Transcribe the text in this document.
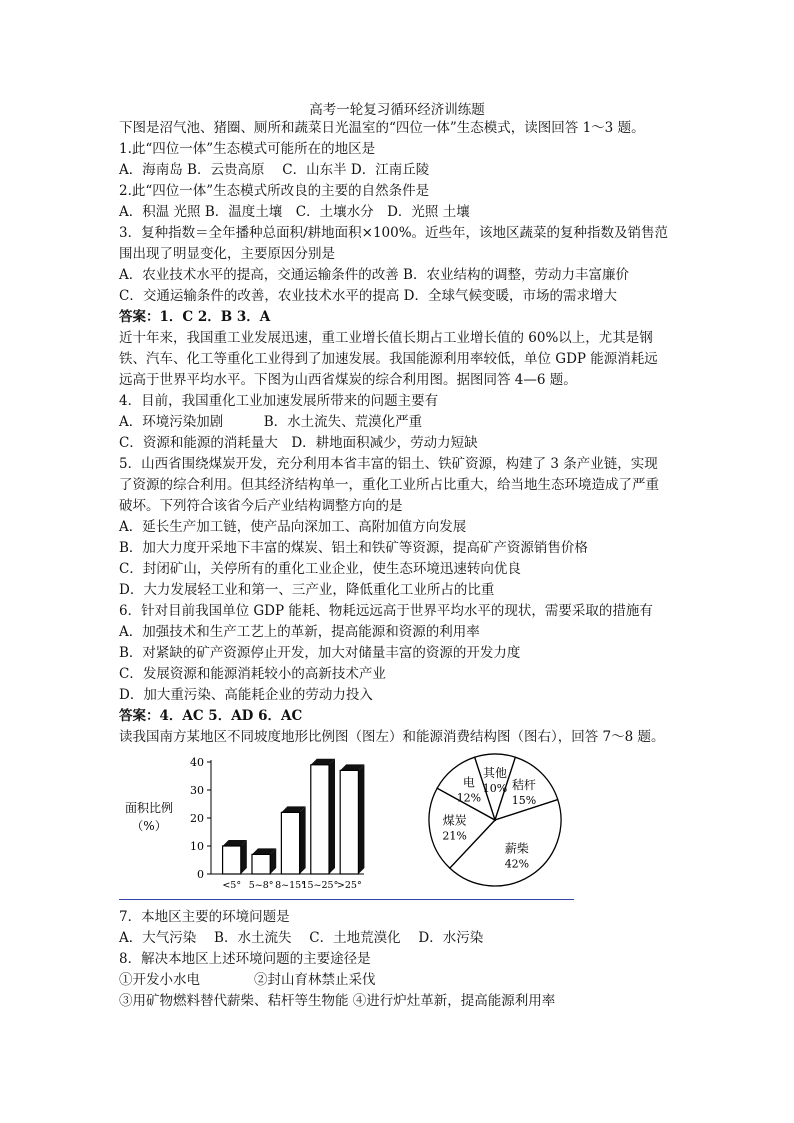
高考一轮复习循环经济训练题

下图是沼气池、猪圈、厕所和蔬菜日光温室的“四位一体”生态模式，读图回答 1～3 题。

1.此“四位一体”生态模式可能所在的地区是

A．海南岛 B．云贵高原　 C．山东半 D．江南丘陵

2.此“四位一体”生态模式所改良的主要的自然条件是

A．积温 光照 B．温度土壤　C．土壤水分　D．光照 土壤

3．复种指数＝全年播种总面积/耕地面积×100%。近些年，该地区蔬菜的复种指数及销售范

围出现了明显变化，主要原因分别是

A．农业技术水平的提高，交通运输条件的改善 B．农业结构的调整，劳动力丰富廉价

C．交通运输条件的改善，农业技术水平的提高 D．全球气候变暖，市场的需求增大

答案：1．C 2．B 3．A

近十年来，我国重工业发展迅速，重工业增长值长期占工业增长值的 60%以上，尤其是钢

铁、汽车、化工等重化工业得到了加速发展。我国能源利用率较低，单位 GDP 能源消耗远

远高于世界平均水平。下图为山西省煤炭的综合利用图。据图同答 4—6 题。

4．目前，我国重化工业加速发展所带来的问题主要有

A．环境污染加剧　　　B．水土流失、荒漠化严重

C．资源和能源的消耗量大　D．耕地面积减少，劳动力短缺

5．山西省围绕煤炭开发，充分利用本省丰富的铝土、铁矿资源，构建了 3 条产业链，实现

了资源的综合利用。但其经济结构单一，重化工业所占比重大，给当地生态环境造成了严重

破坏。下列符合该省今后产业结构调整方向的是

A．延长生产加工链，使产品向深加工、高附加值方向发展

B．加大力度开采地下丰富的煤炭、铝土和铁矿等资源，提高矿产资源销售价格

C．封闭矿山，关停所有的重化工业企业，使生态环境迅速转向优良

D．大力发展轻工业和第一、三产业，降低重化工业所占的比重

6．针对目前我国单位 GDP 能耗、物耗远远高于世界平均水平的现状，需要采取的措施有

A．加强技术和生产工艺上的革新，提高能源和资源的利用率

B．对紧缺的矿产资源停止开发，加大对储量丰富的资源的开发力度

C．发展资源和能源消耗较小的高新技术产业

D．加大重污染、高能耗企业的劳动力投入

答案：4．AC 5．AD 6．AC

读我国南方某地区不同坡度地形比例图（图左）和能源消费结构图（图右），回答 7～8 题。

面积比例
（%）
0
10
20
30
40
<5° 5~8° 8~15°
15~25°
>25°
其他
10% 秸杆
15%
薪柴
42%
煤炭
21%
电
12%

7．本地区主要的环境问题是

A．大气污染　 B．水土流失　 C．土地荒漠化　 D．水污染

8．解决本地区上述环境问题的主要途径是

①开发小水电　　　　②封山育林禁止采伐

③用矿物燃料替代薪柴、秸杆等生物能 ④进行炉灶革新，提高能源利用率
